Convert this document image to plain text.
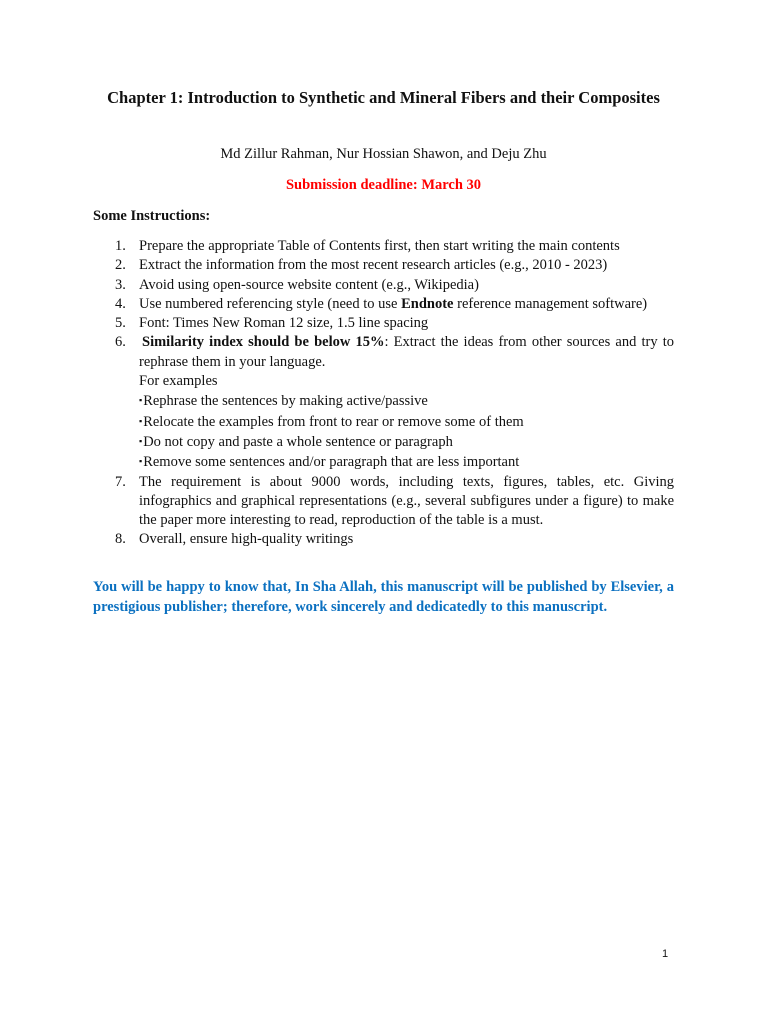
Chapter 1: Introduction to Synthetic and Mineral Fibers and their Composites
Md Zillur Rahman, Nur Hossian Shawon, and Deju Zhu
Submission deadline: March 30
Some Instructions:
1. Prepare the appropriate Table of Contents first, then start writing the main contents
2. Extract the information from the most recent research articles (e.g., 2010 - 2023)
3. Avoid using open-source website content (e.g., Wikipedia)
4. Use numbered referencing style (need to use Endnote reference management software)
5. Font: Times New Roman 12 size, 1.5 line spacing
6. Similarity index should be below 15%: Extract the ideas from other sources and try to rephrase them in your language.
For examples
▪Rephrase the sentences by making active/passive
▪Relocate the examples from front to rear or remove some of them
▪Do not copy and paste a whole sentence or paragraph
▪Remove some sentences and/or paragraph that are less important
7. The requirement is about 9000 words, including texts, figures, tables, etc. Giving infographics and graphical representations (e.g., several subfigures under a figure) to make the paper more interesting to read, reproduction of the table is a must.
8. Overall, ensure high-quality writings
You will be happy to know that, In Sha Allah, this manuscript will be published by Elsevier, a prestigious publisher; therefore, work sincerely and dedicatedly to this manuscript.
1
